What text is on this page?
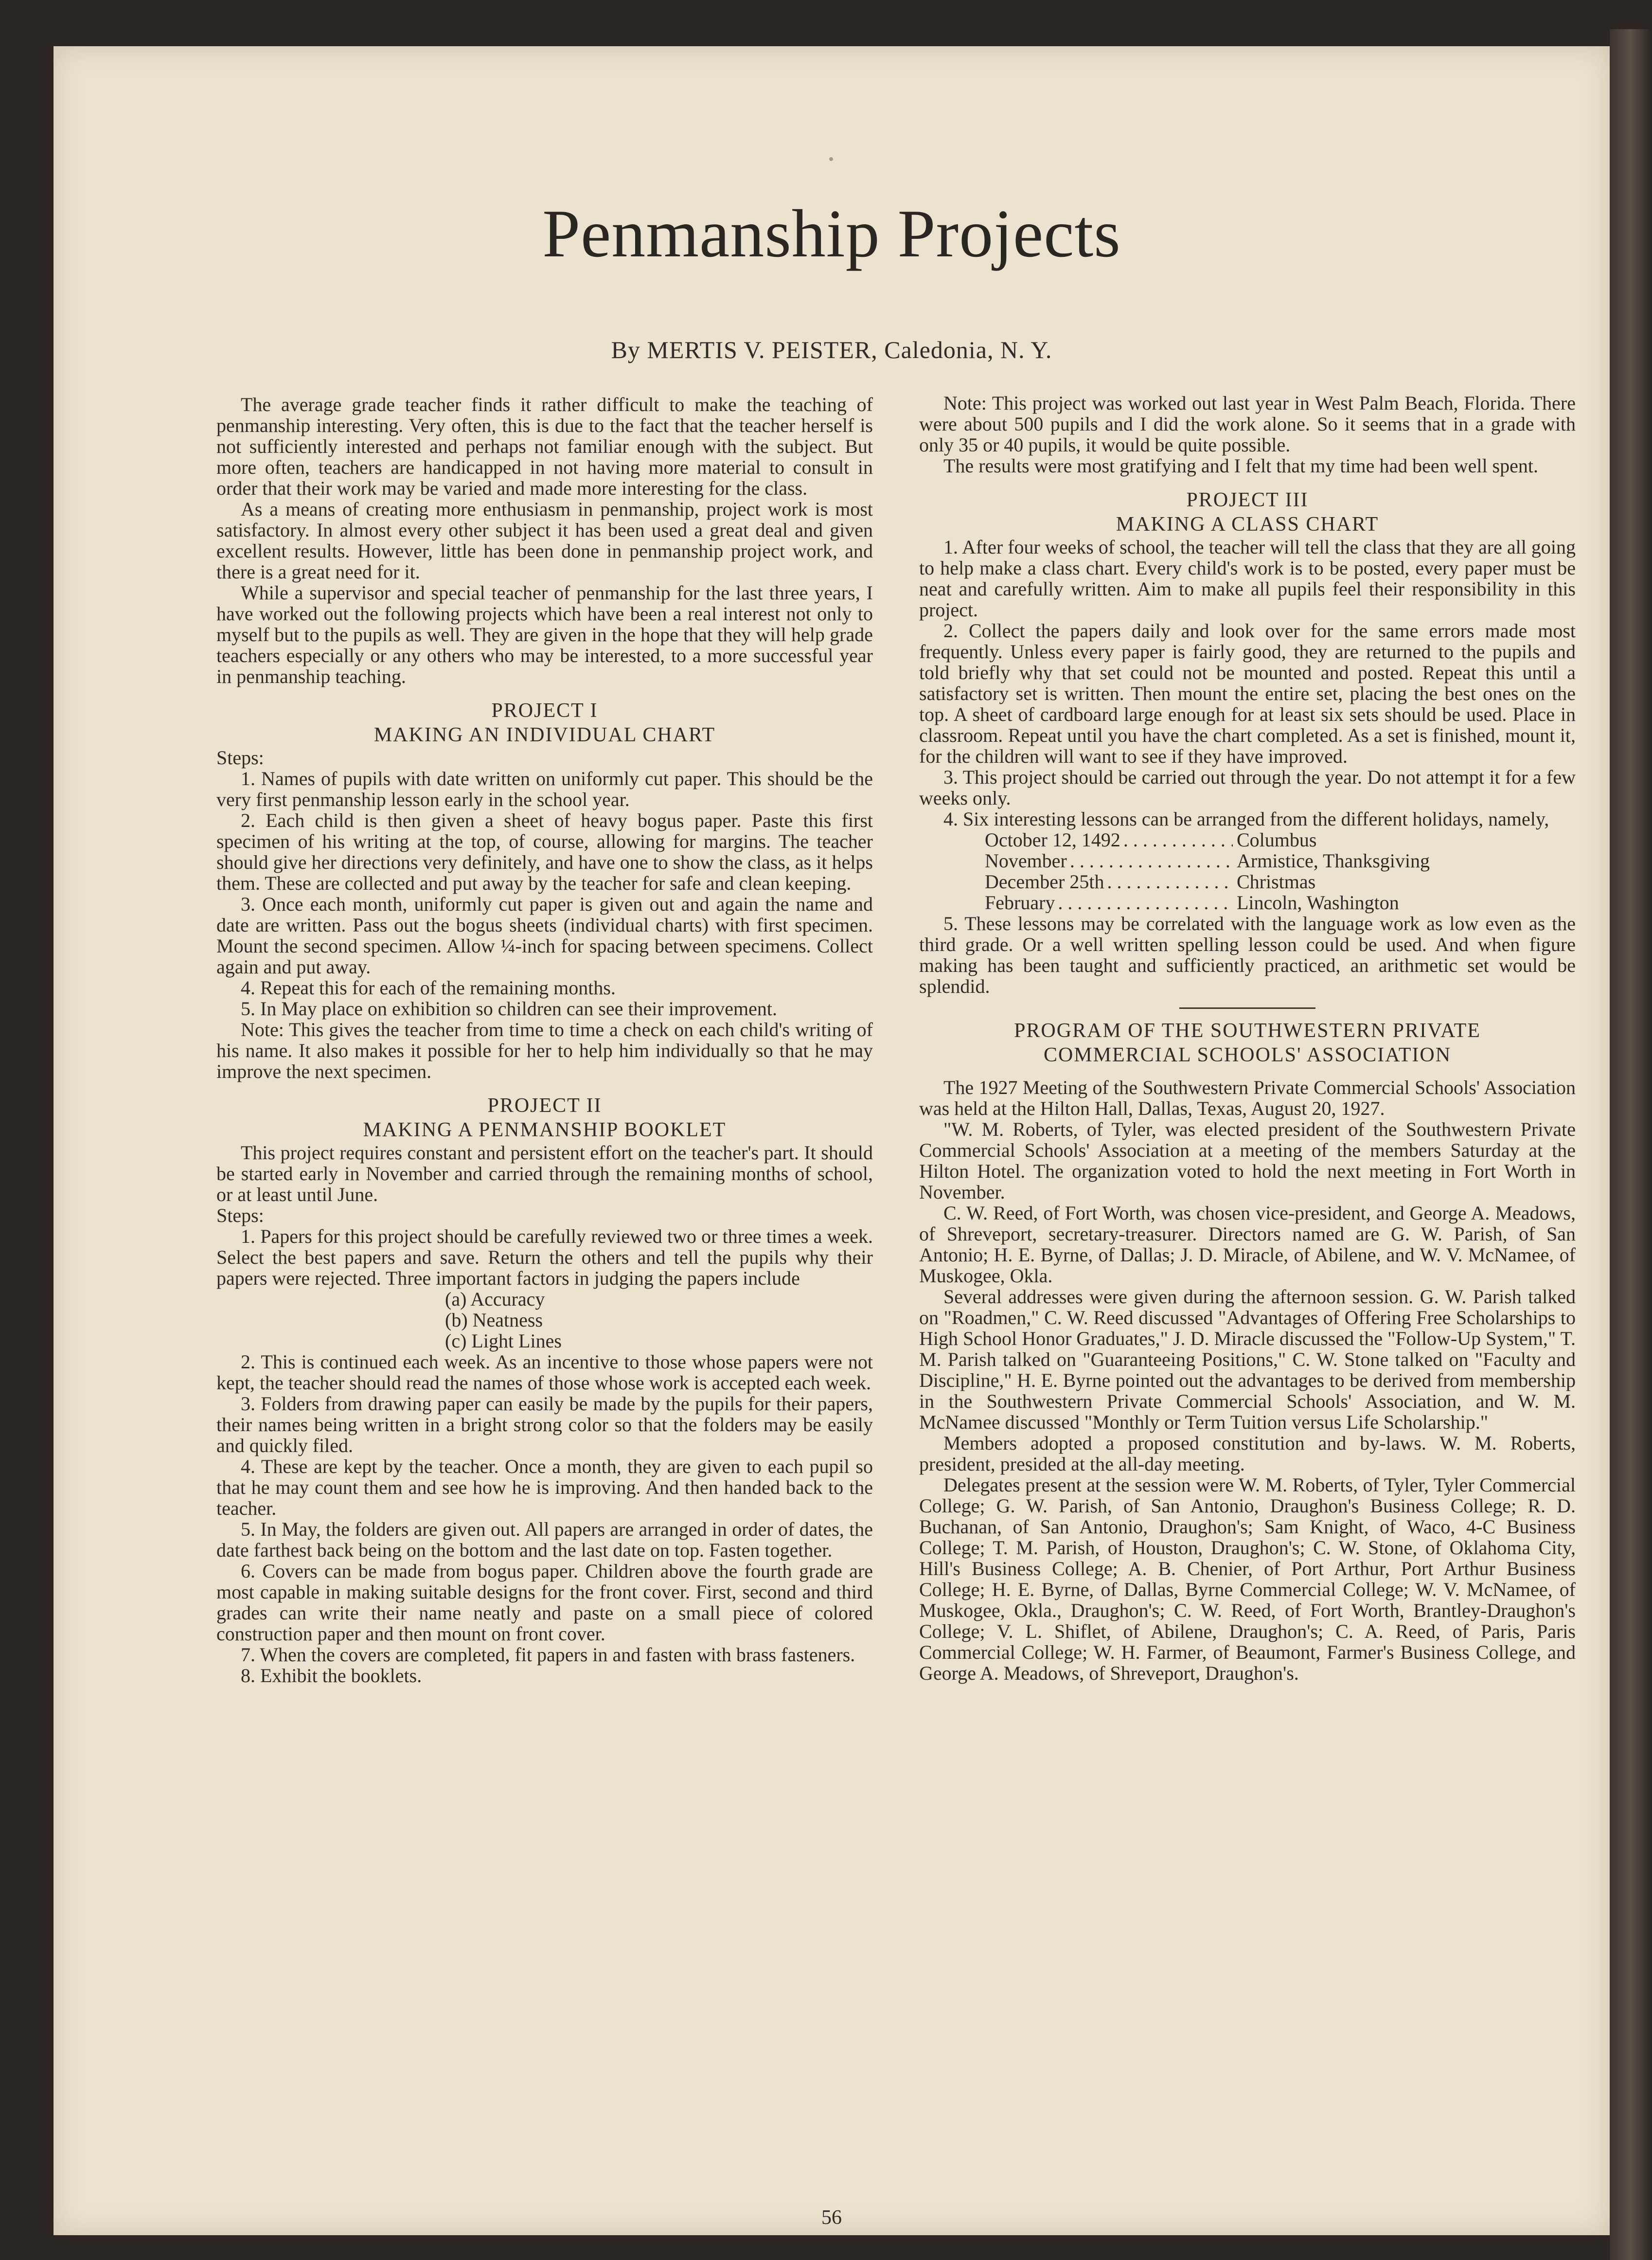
Penmanship Projects
By MERTIS V. PEISTER, Caledonia, N. Y.

The average grade teacher finds it rather difficult to make the teaching of penmanship interesting. Very often, this is due to the fact that the teacher herself is not sufficiently interested and perhaps not familiar enough with the subject. But more often, teachers are handicapped in not having more material to consult in order that their work may be varied and made more interesting for the class.

As a means of creating more enthusiasm in penmanship, project work is most satisfactory. In almost every other subject it has been used a great deal and given excellent results. However, little has been done in penmanship project work, and there is a great need for it.

While a supervisor and special teacher of penmanship for the last three years, I have worked out the following projects which have been a real interest not only to myself but to the pupils as well. They are given in the hope that they will help grade teachers especially or any others who may be interested, to a more successful year in penmanship teaching.

PROJECT I
MAKING AN INDIVIDUAL CHART

Steps:

1. Names of pupils with date written on uniformly cut paper. This should be the very first penmanship lesson early in the school year.

2. Each child is then given a sheet of heavy bogus paper. Paste this first specimen of his writing at the top, of course, allowing for margins. The teacher should give her directions very definitely, and have one to show the class, as it helps them. These are collected and put away by the teacher for safe and clean keeping.

3. Once each month, uniformly cut paper is given out and again the name and date are written. Pass out the bogus sheets (individual charts) with first specimen. Mount the second specimen. Allow ¼-inch for spacing between specimens. Collect again and put away.

4. Repeat this for each of the remaining months.

5. In May place on exhibition so children can see their improvement.

Note: This gives the teacher from time to time a check on each child's writing of his name. It also makes it possible for her to help him individually so that he may improve the next specimen.

PROJECT II
MAKING A PENMANSHIP BOOKLET

This project requires constant and persistent effort on the teacher's part. It should be started early in November and carried through the remaining months of school, or at least until June.

Steps:

1. Papers for this project should be carefully reviewed two or three times a week. Select the best papers and save. Return the others and tell the pupils why their papers were rejected. Three important factors in judging the papers include

(a) Accuracy
(b) Neatness
(c) Light Lines

2. This is continued each week. As an incentive to those whose papers were not kept, the teacher should read the names of those whose work is accepted each week.

3. Folders from drawing paper can easily be made by the pupils for their papers, their names being written in a bright strong color so that the folders may be easily and quickly filed.

4. These are kept by the teacher. Once a month, they are given to each pupil so that he may count them and see how he is improving. And then handed back to the teacher.

5. In May, the folders are given out. All papers are arranged in order of dates, the date farthest back being on the bottom and the last date on top. Fasten together.

6. Covers can be made from bogus paper. Children above the fourth grade are most capable in making suitable designs for the front cover. First, second and third grades can write their name neatly and paste on a small piece of colored construction paper and then mount on front cover.

7. When the covers are completed, fit papers in and fasten with brass fasteners.

8. Exhibit the booklets.

Note: This project was worked out last year in West Palm Beach, Florida. There were about 500 pupils and I did the work alone. So it seems that in a grade with only 35 or 40 pupils, it would be quite possible.

The results were most gratifying and I felt that my time had been well spent.

PROJECT III
MAKING A CLASS CHART

1. After four weeks of school, the teacher will tell the class that they are all going to help make a class chart. Every child's work is to be posted, every paper must be neat and carefully written. Aim to make all pupils feel their responsibility in this project.

2. Collect the papers daily and look over for the same errors made most frequently. Unless every paper is fairly good, they are returned to the pupils and told briefly why that set could not be mounted and posted. Repeat this until a satisfactory set is written. Then mount the entire set, placing the best ones on the top. A sheet of cardboard large enough for at least six sets should be used. Place in classroom. Repeat until you have the chart completed. As a set is finished, mount it, for the children will want to see if they have improved.

3. This project should be carried out through the year. Do not attempt it for a few weeks only.

4. Six interesting lessons can be arranged from the different holidays, namely,

October 12, 1492 . . .	Columbus
November . . .	Armistice, Thanksgiving
December 25th . . .	Christmas
February . . .	Lincoln, Washington

5. These lessons may be correlated with the language work as low even as the third grade. Or a well written spelling lesson could be used. And when figure making has been taught and sufficiently practiced, an arithmetic set would be splendid.

PROGRAM OF THE SOUTHWESTERN PRIVATE
COMMERCIAL SCHOOLS' ASSOCIATION

The 1927 Meeting of the Southwestern Private Commercial Schools' Association was held at the Hilton Hall, Dallas, Texas, August 20, 1927.

"W. M. Roberts, of Tyler, was elected president of the Southwestern Private Commercial Schools' Association at a meeting of the members Saturday at the Hilton Hotel. The organization voted to hold the next meeting in Fort Worth in November.

C. W. Reed, of Fort Worth, was chosen vice-president, and George A. Meadows, of Shreveport, secretary-treasurer. Directors named are G. W. Parish, of San Antonio; H. E. Byrne, of Dallas; J. D. Miracle, of Abilene, and W. V. McNamee, of Muskogee, Okla.

Several addresses were given during the afternoon session. G. W. Parish talked on "Roadmen," C. W. Reed discussed "Advantages of Offering Free Scholarships to High School Honor Graduates," J. D. Miracle discussed the "Follow-Up System," T. M. Parish talked on "Guaranteeing Positions," C. W. Stone talked on "Faculty and Discipline," H. E. Byrne pointed out the advantages to be derived from membership in the Southwestern Private Commercial Schools' Association, and W. M. McNamee discussed "Monthly or Term Tuition versus Life Scholarship."

Members adopted a proposed constitution and by-laws. W. M. Roberts, president, presided at the all-day meeting.

Delegates present at the session were W. M. Roberts, of Tyler, Tyler Commercial College; G. W. Parish, of San Antonio, Draughon's Business College; R. D. Buchanan, of San Antonio, Draughon's; Sam Knight, of Waco, 4-C Business College; T. M. Parish, of Houston, Draughon's; C. W. Stone, of Oklahoma City, Hill's Business College; A. B. Chenier, of Port Arthur, Port Arthur Business College; H. E. Byrne, of Dallas, Byrne Commercial College; W. V. McNamee, of Muskogee, Okla., Draughon's; C. W. Reed, of Fort Worth, Brantley-Draughon's College; V. L. Shiflet, of Abilene, Draughon's; C. A. Reed, of Paris, Paris Commercial College; W. H. Farmer, of Beaumont, Farmer's Business College, and George A. Meadows, of Shreveport, Draughon's.

56
